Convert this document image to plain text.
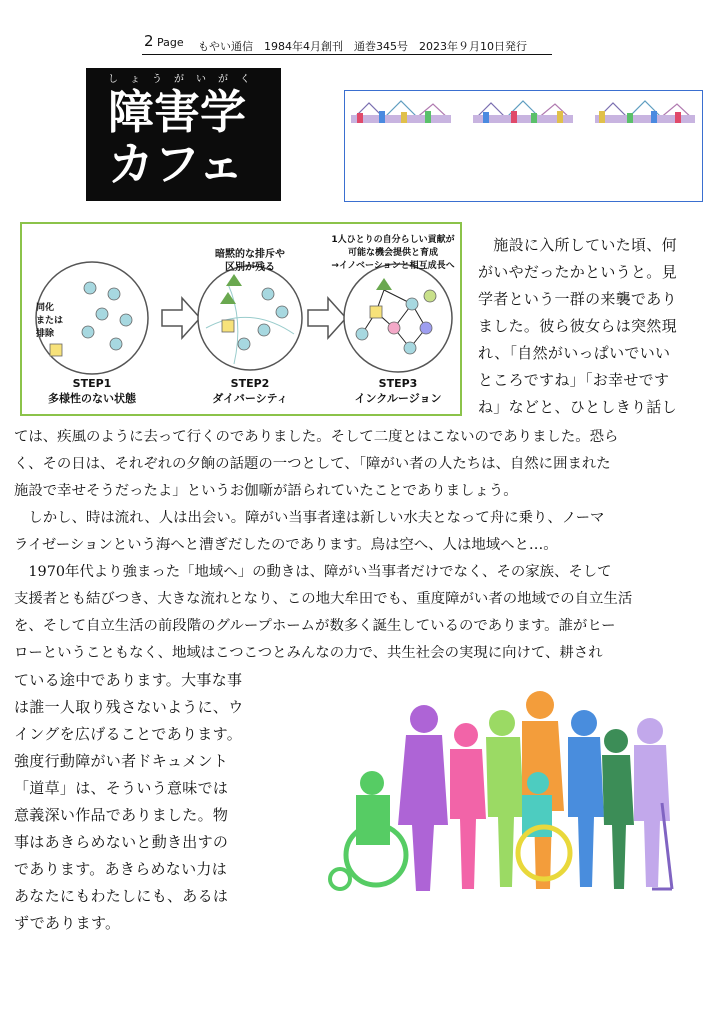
2 Page もやい通信　1984年4月創刊　通巻345号　2023年９月10日発行
しょうがいがく
障害学
カフェ
同化
または
排除
暗黙的な排斥や
区別が残る
1人ひとりの自分らしい貢献が
可能な機会提供と育成
→イノベーションと相互成長へ
STEP1
多様性のない状態
STEP2
ダイバーシティ
STEP3
インクルージョン
　施設に入所していた頃、何
がいやだったかというと。見
学者という一群の来襲であり
ました。彼ら彼女らは突然現
れ、「自然がいっぱいでいい
ところですね」「お幸せです
ね」などと、ひとしきり話し
ては、疾風のように去って行くのでありました。そして二度とはこないのでありました。恐ら
く、その日は、それぞれの夕餉の話題の一つとして、「障がい者の人たちは、自然に囲まれた
施設で幸せそうだったよ」というお伽噺が語られていたことでありましょう。
　しかし、時は流れ、人は出会い。障がい当事者達は新しい水夫となって舟に乗り、ノーマ
ライゼーションという海へと漕ぎだしたのであります。鳥は空へ、人は地域へと…。
　1970年代より強まった「地域へ」の動きは、障がい当事者だけでなく、その家族、そして
支援者とも結びつき、大きな流れとなり、この地大牟田でも、重度障がい者の地域での自立生活
を、そして自立生活の前段階のグループホームが数多く誕生しているのであります。誰がヒー
ローということもなく、地域はこつこつとみんなの力で、共生社会の実現に向けて、耕され
ている途中であります。大事な事
は誰一人取り残さないように、ウ
イングを広げることであります。
強度行動障がい者ドキュメント
「道草」は、そういう意味では
意義深い作品でありました。物
事はあきらめないと動き出すの
であります。あきらめない力は
あなたにもわたしにも、あるは
ずであります。
